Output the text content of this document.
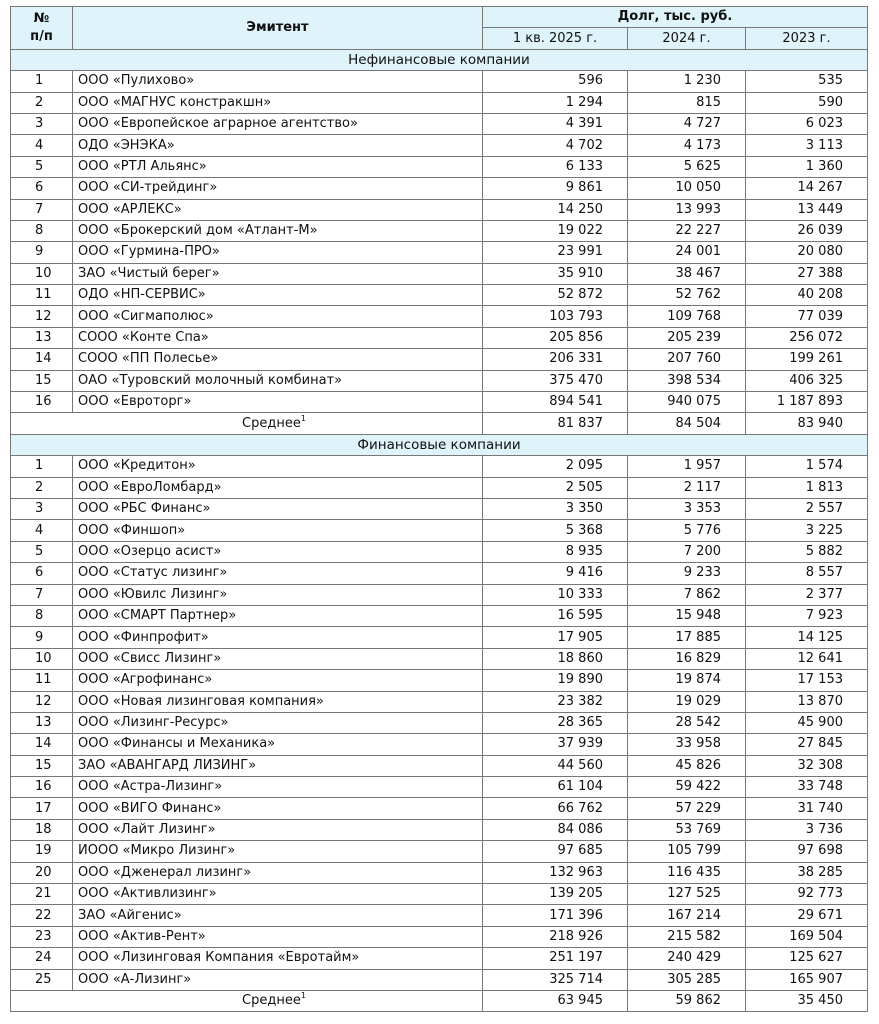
№
п/п	Эмитент	Долг, тыс. руб.		
		1 кв. 2025 г.	2024 г.	2023 г.
Нефинансовые компании				
1	ООО «Пулихово»	596	1 230	535
2	ООО «МАГНУС констракшн»	1 294	815	590
3	ООО «Европейское аграрное агентство»	4 391	4 727	6 023
4	ОДО «ЭНЭКА»	4 702	4 173	3 113
5	ООО «РТЛ Альянс»	6 133	5 625	1 360
6	ООО «СИ-трейдинг»	9 861	10 050	14 267
7	ООО «АРЛЕКС»	14 250	13 993	13 449
8	ООО «Брокерский дом «Атлант-М»	19 022	22 227	26 039
9	ООО «Гурмина-ПРО»	23 991	24 001	20 080
10	ЗАО «Чистый берег»	35 910	38 467	27 388
11	ОДО «НП-СЕРВИС»	52 872	52 762	40 208
12	ООО «Сигмаполюс»	103 793	109 768	77 039
13	СООО «Конте Спа»	205 856	205 239	256 072
14	СООО «ПП Полесье»	206 331	207 760	199 261
15	ОАО «Туровский молочный комбинат»	375 470	398 534	406 325
16	ООО «Евроторг»	894 541	940 075	1 187 893
Среднее$^1$		81 837	84 504	83 940
Финансовые компании				
1	ООО «Кредитон»	2 095	1 957	1 574
2	ООО «ЕвроЛомбард»	2 505	2 117	1 813
3	ООО «РБС Финанс»	3 350	3 353	2 557
4	ООО «Финшоп»	5 368	5 776	3 225
5	ООО «Озерцо асист»	8 935	7 200	5 882
6	ООО «Статус лизинг»	9 416	9 233	8 557
7	ООО «Ювилс Лизинг»	10 333	7 862	2 377
8	ООО «СМАРТ Партнер»	16 595	15 948	7 923
9	ООО «Финпрофит»	17 905	17 885	14 125
10	ООО «Свисс Лизинг»	18 860	16 829	12 641
11	ООО «Агрофинанс»	19 890	19 874	17 153
12	ООО «Новая лизинговая компания»	23 382	19 029	13 870
13	ООО «Лизинг-Ресурс»	28 365	28 542	45 900
14	ООО «Финансы и Механика»	37 939	33 958	27 845
15	ЗАО «АВАНГАРД ЛИЗИНГ»	44 560	45 826	32 308
16	ООО «Астра-Лизинг»	61 104	59 422	33 748
17	ООО «ВИГО Финанс»	66 762	57 229	31 740
18	ООО «Лайт Лизинг»	84 086	53 769	3 736
19	ИООО «Микро Лизинг»	97 685	105 799	97 698
20	ООО «Дженерал лизинг»	132 963	116 435	38 285
21	ООО «Активлизинг»	139 205	127 525	92 773
22	ЗАО «Айгенис»	171 396	167 214	29 671
23	ООО «Актив-Рент»	218 926	215 582	169 504
24	ООО «Лизинговая Компания «Евротайм»	251 197	240 429	125 627
25	ООО «А-Лизинг»	325 714	305 285	165 907
Среднее$^1$		63 945	59 862	35 450
